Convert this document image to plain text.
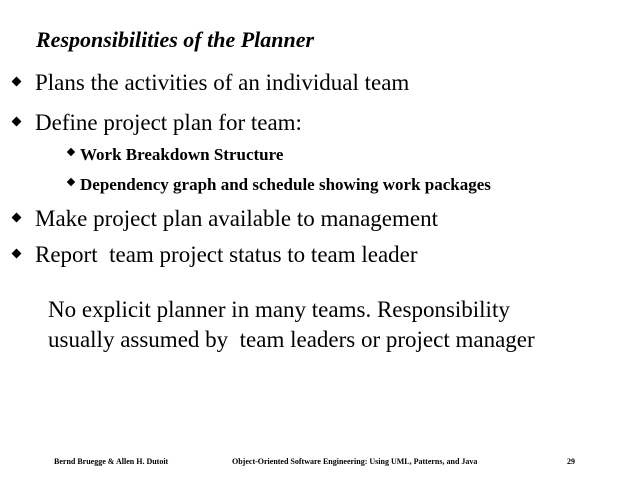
Responsibilities of the Planner
Plans the activities of an individual team
Define project plan for team:
Work Breakdown Structure
Dependency graph and schedule showing work packages
Make project plan available to management
Report  team project status to team leader

No explicit planner in many teams. Responsibility
usually assumed by  team leaders or project manager

Bernd Bruegge & Allen H. Dutoit	Object-Oriented Software Engineering: Using UML, Patterns, and Java	29
